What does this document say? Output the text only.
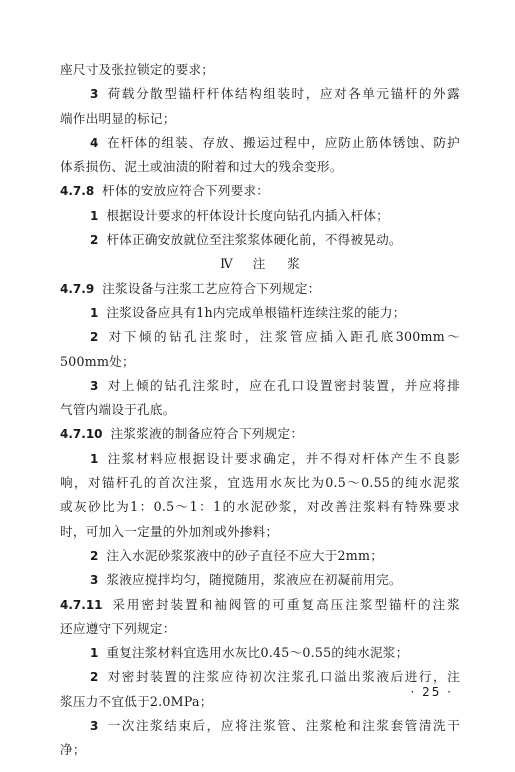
座尺寸及张拉锁定的要求；
3 荷载分散型锚杆杆体结构组装时，应对各单元锚杆的外露
端作出明显的标记；
4 在杆体的组装、存放、搬运过程中，应防止筋体锈蚀、防护
体系损伤、泥土或油渍的附着和过大的残余变形。
4.7.8 杆体的安放应符合下列要求：
1 根据设计要求的杆体设计长度向钻孔内插入杆体；
2 杆体正确安放就位至注浆浆体硬化前，不得被晃动。
Ⅳ 注 浆
4.7.9 注浆设备与注浆工艺应符合下列规定：
1 注浆设备应具有1h内完成单根锚杆连续注浆的能力；
2 对下倾的钻孔注浆时，注浆管应插入距孔底300mm～
500mm处；
3 对上倾的钻孔注浆时，应在孔口设置密封装置，并应将排
气管内端设于孔底。
4.7.10 注浆浆液的制备应符合下列规定：
1 注浆材料应根据设计要求确定，并不得对杆体产生不良影
响，对锚杆孔的首次注浆，宜选用水灰比为0.5～0.55的纯水泥浆
或灰砂比为1：0.5～1：1的水泥砂浆，对改善注浆料有特殊要求
时，可加入一定量的外加剂或外掺料；
2 注入水泥砂浆浆液中的砂子直径不应大于2mm；
3 浆液应搅拌均匀，随搅随用，浆液应在初凝前用完。
4.7.11 采用密封装置和袖阀管的可重复高压注浆型锚杆的注浆
还应遵守下列规定：
1 重复注浆材料宜选用水灰比0.45～0.55的纯水泥浆；
2 对密封装置的注浆应待初次注浆孔口溢出浆液后进行，注
浆压力不宜低于2.0MPa；
3 一次注浆结束后，应将注浆管、注浆枪和注浆套管清洗干
净；
· 25 ·
